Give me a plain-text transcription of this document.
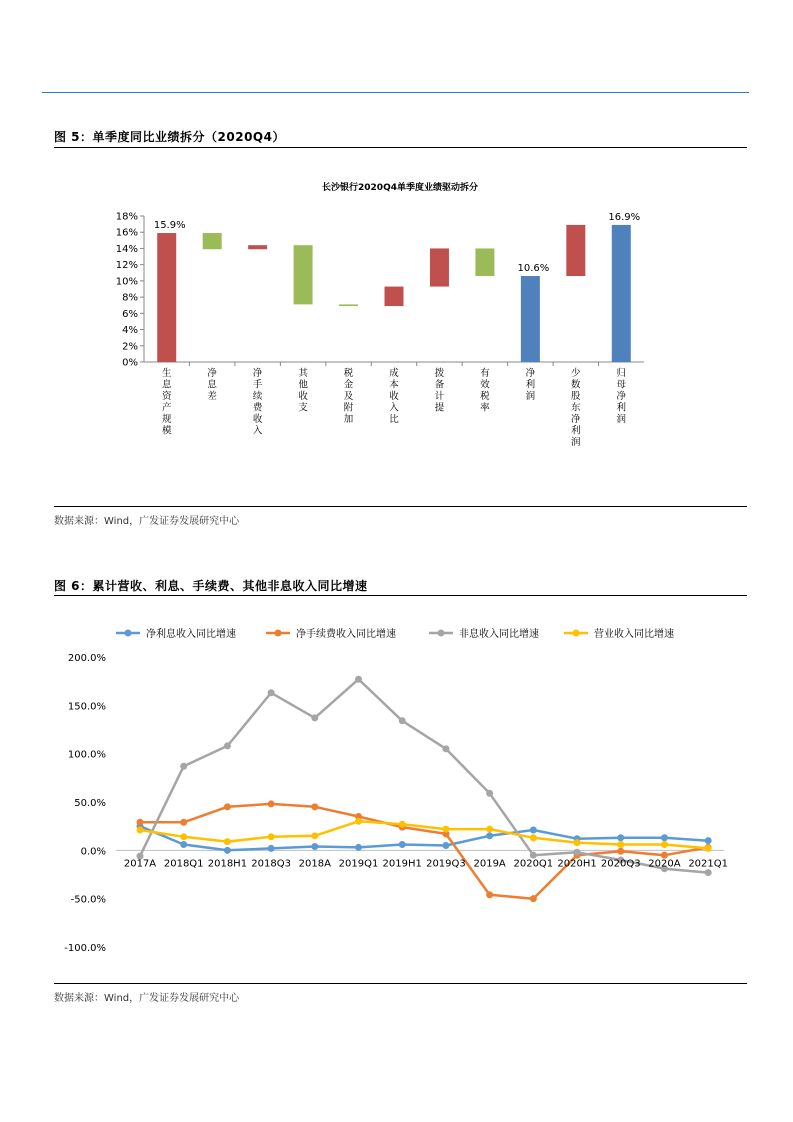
图 5：单季度同比业绩拆分（2020Q4）
长沙银行2020Q4单季度业绩驱动拆分
0%
2%
4%
6%
8%
10%
12%
14%
16%
18%
15.9%
生
息
资
产
规
模
净
息
差
净
手
续
费
收
入
其
他
收
支
税
金
及
附
加
成
本
收
入
比
拨
备
计
提
有
效
税
率
10.6%
净
利
润
少
数
股
东
净
利
润
16.9%
归
母
净
利
润
数据来源：Wind，广发证券发展研究中心
图 6：累计营收、利息、手续费、其他非息收入同比增速
净利息收入同比增速	净手续费收入同比增速	非息收入同比增速	营业收入同比增速
-100.0%
-50.0%
0.0%
50.0%
100.0%
150.0%
200.0%
2017A 2018Q1 2018H1 2018Q3 2018A 2019Q1 2019H1 2019Q3 2019A 2020Q1 2020H1 2020Q3 2020A 2021Q1
数据来源：Wind，广发证券发展研究中心
